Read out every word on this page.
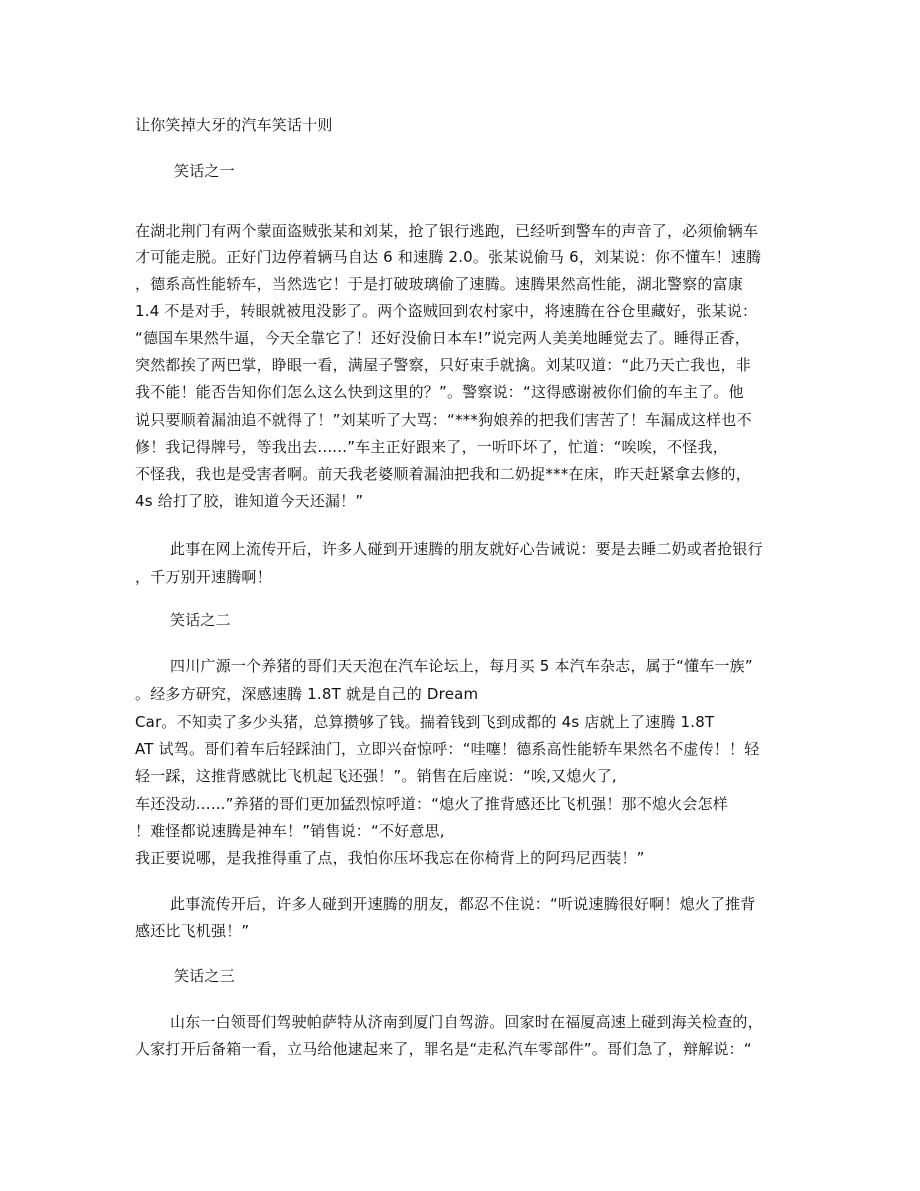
让你笑掉大牙的汽车笑话十则
笑话之一
在湖北荆门有两个蒙面盗贼张某和刘某，抢了银行逃跑，已经听到警车的声音了，必须偷辆车
才可能走脱。正好门边停着辆马自达 6 和速腾 2.0。张某说偷马 6，刘某说：你不懂车！速腾
，德系高性能轿车，当然选它！于是打破玻璃偷了速腾。速腾果然高性能，湖北警察的富康
1.4 不是对手，转眼就被甩没影了。两个盗贼回到农村家中，将速腾在谷仓里藏好，张某说：
“德国车果然牛逼，今天全靠它了！还好没偷日本车!”说完两人美美地睡觉去了。睡得正香，
突然都挨了两巴掌，睁眼一看，满屋子警察，只好束手就擒。刘某叹道：“此乃天亡我也，非
我不能！能否告知你们怎么这么快到这里的？”。警察说：“这得感谢被你们偷的车主了。他
说只要顺着漏油追不就得了！”刘某听了大骂：“***狗娘养的把我们害苦了！车漏成这样也不
修！我记得牌号，等我出去......”车主正好跟来了，一听吓坏了，忙道：“唉唉，不怪我，
不怪我，我也是受害者啊。前天我老婆顺着漏油把我和二奶捉***在床，昨天赶紧拿去修的，
4s 给打了胶，谁知道今天还漏！”
此事在网上流传开后，许多人碰到开速腾的朋友就好心告诫说：要是去睡二奶或者抢银行
，千万别开速腾啊！
笑话之二
四川广源一个养猪的哥们天天泡在汽车论坛上，每月买 5 本汽车杂志，属于“懂车一族”
。经多方研究，深感速腾 1.8T 就是自己的 Dream
Car。不知卖了多少头猪，总算攒够了钱。揣着钱到飞到成都的 4s 店就上了速腾 1.8T
AT 试驾。哥们着车后轻踩油门，立即兴奋惊呼：“哇噻！德系高性能轿车果然名不虚传！！轻
轻一踩，这推背感就比飞机起飞还强！”。销售在后座说：“唉,又熄火了,
车还没动......”养猪的哥们更加猛烈惊呼道：“熄火了推背感还比飞机强！那不熄火会怎样
！难怪都说速腾是神车！”销售说：“不好意思,
我正要说哪，是我推得重了点，我怕你压坏我忘在你椅背上的阿玛尼西装！”
此事流传开后，许多人碰到开速腾的朋友，都忍不住说：“听说速腾很好啊！熄火了推背
感还比飞机强！”
笑话之三
山东一白领哥们驾驶帕萨特从济南到厦门自驾游。回家时在福厦高速上碰到海关检查的，
人家打开后备箱一看，立马给他逮起来了，罪名是“走私汽车零部件”。哥们急了，辩解说：“
